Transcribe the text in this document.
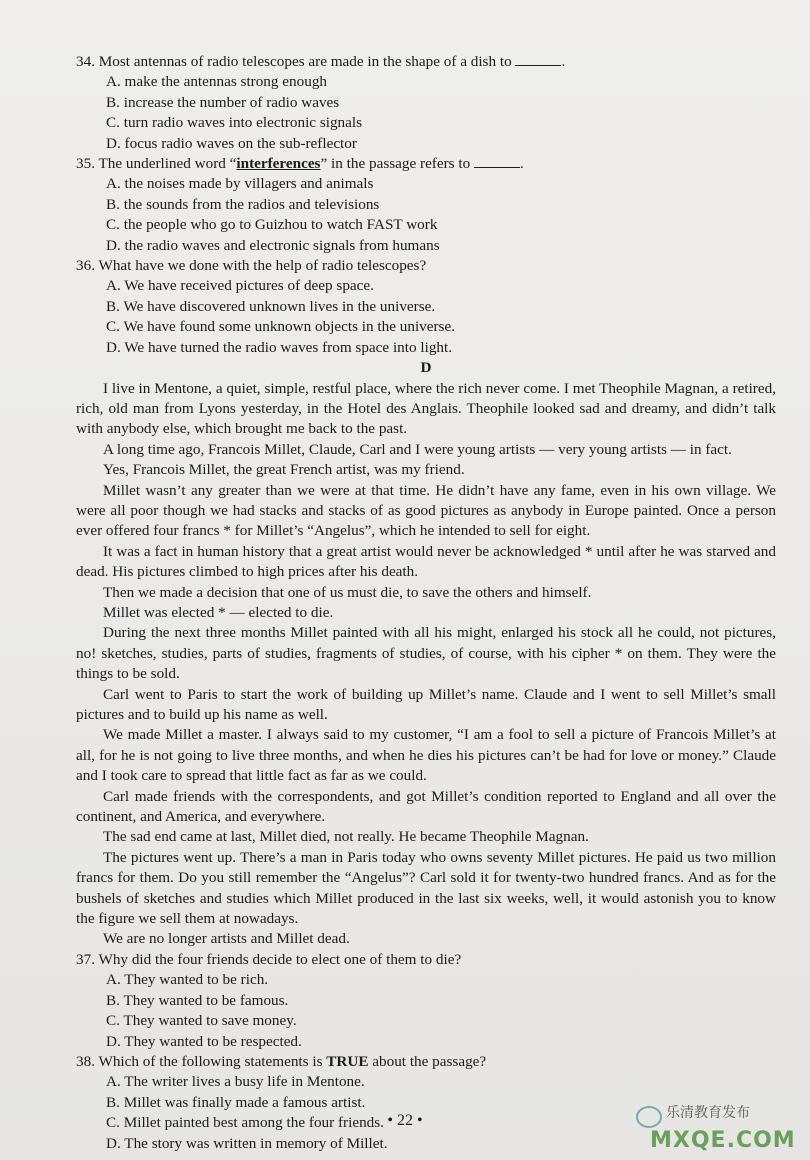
34. Most antennas of radio telescopes are made in the shape of a dish to	.

A. make the antennas strong enough

B. increase the number of radio waves

C. turn radio waves into electronic signals

D. focus radio waves on the sub-reflector

35. The underlined word “interferences” in the passage refers to	.

A. the noises made by villagers and animals

B. the sounds from the radios and televisions

C. the people who go to Guizhou to watch FAST work

D. the radio waves and electronic signals from humans

36. What have we done with the help of radio telescopes?

A. We have received pictures of deep space.

B. We have discovered unknown lives in the universe.

C. We have found some unknown objects in the universe.

D. We have turned the radio waves from space into light.

D

I live in Mentone, a quiet, simple, restful place, where the rich never come. I met Theophile Magnan, a retired, rich, old man from Lyons yesterday, in the Hotel des Anglais. Theophile looked sad and dreamy, and didn’t talk with anybody else, which brought me back to the past.

A long time ago, Francois Millet, Claude, Carl and I were young artists — very young artists — in fact.

Yes, Francois Millet, the great French artist, was my friend.

Millet wasn’t any greater than we were at that time. He didn’t have any fame, even in his own village. We were all poor though we had stacks and stacks of as good pictures as anybody in Europe painted. Once a person ever offered four francs * for Millet’s “Angelus”, which he intended to sell for eight.

It was a fact in human history that a great artist would never be acknowledged * until after he was starved and dead. His pictures climbed to high prices after his death.

Then we made a decision that one of us must die, to save the others and himself.

Millet was elected * — elected to die.

During the next three months Millet painted with all his might, enlarged his stock all he could, not pictures, no! sketches, studies, parts of studies, fragments of studies, of course, with his cipher * on them. They were the things to be sold.

Carl went to Paris to start the work of building up Millet’s name. Claude and I went to sell Millet’s small pictures and to build up his name as well.

We made Millet a master. I always said to my customer, “I am a fool to sell a picture of Francois Millet’s at all, for he is not going to live three months, and when he dies his pictures can’t be had for love or money.” Claude and I took care to spread that little fact as far as we could.

Carl made friends with the correspondents, and got Millet’s condition reported to England and all over the continent, and America, and everywhere.

The sad end came at last, Millet died, not really. He became Theophile Magnan.

The pictures went up. There’s a man in Paris today who owns seventy Millet pictures. He paid us two million francs for them. Do you still remember the “Angelus”? Carl sold it for twenty-two hundred francs. And as for the bushels of sketches and studies which Millet produced in the last six weeks, well, it would astonish you to know the figure we sell them at nowadays.

We are no longer artists and Millet dead.

37. Why did the four friends decide to elect one of them to die?

A. They wanted to be rich.

B. They wanted to be famous.

C. They wanted to save money.

D. They wanted to be respected.

38. Which of the following statements is TRUE about the passage?

A. The writer lives a busy life in Mentone.

B. Millet was finally made a famous artist.

C. Millet painted best among the four friends.

D. The story was written in memory of Millet.

• 22 •	乐清教育发布
MXQE.COM
